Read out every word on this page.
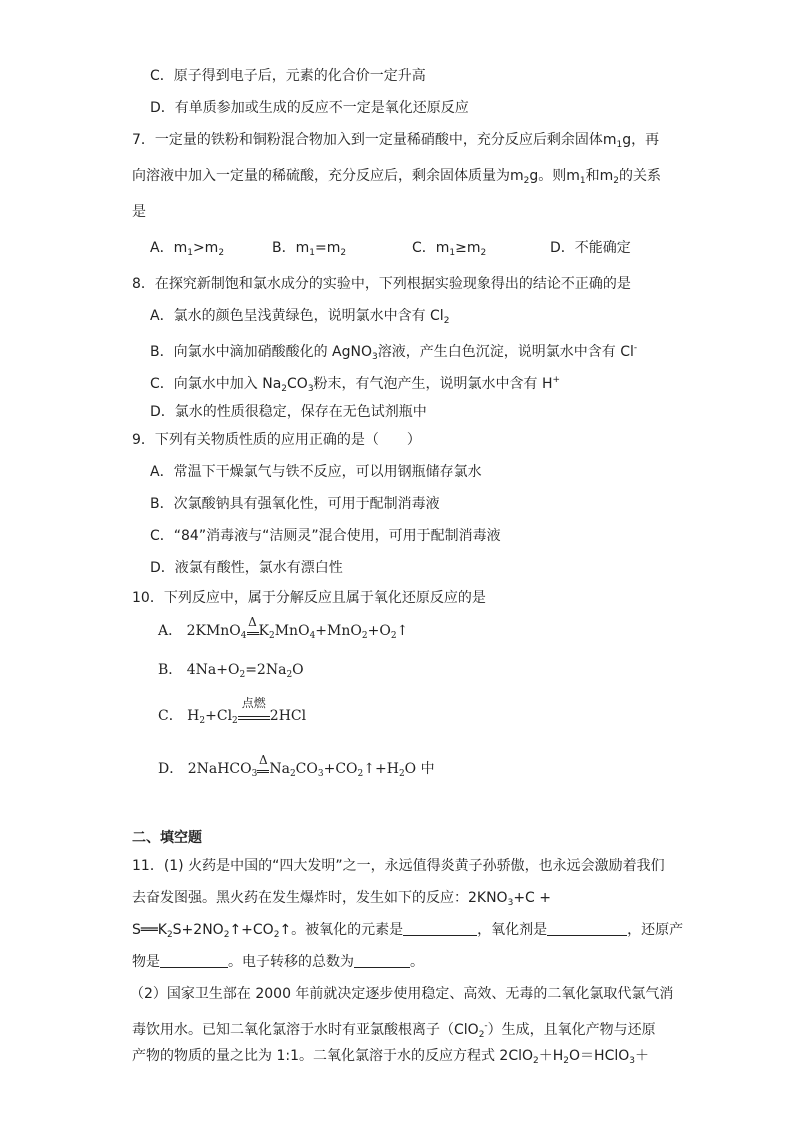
C．原子得到电子后，元素的化合价一定升高
D．有单质参加或生成的反应不一定是氧化还原反应
7．一定量的铁粉和铜粉混合物加入到一定量稀硝酸中，充分反应后剩余固体$m_1g$，再
向溶液中加入一定量的稀硫酸，充分反应后，剩余固体质量为$m_2g$。则$m_1$和$m_2$的关系
是
A．$m_1>m_2$	B．$m_1=m_2$	C．$m_1\ge m_2$	D．不能确定
8．在探究新制饱和氯水成分的实验中，下列根据实验现象得出的结论不正确的是
A．氯水的颜色呈浅黄绿色，说明氯水中含有 $Cl_2$
B．向氯水中滴加硝酸酸化的 AgNO$_3$溶液，产生白色沉淀，说明氯水中含有 Cl-
C．向氯水中加入 $Na_2CO_3$粉末，有气泡产生，说明氯水中含有 H+
D．氯水的性质很稳定，保存在无色试剂瓶中
9．下列有关物质性质的应用正确的是（　　）
A．常温下干燥氯气与铁不反应，可以用钢瓶储存氯水
B．次氯酸钠具有强氧化性，可用于配制消毒液
C．“84”消毒液与“洁厕灵”混合使用，可用于配制消毒液
D．液氯有酸性，氯水有漂白性
10．下列反应中，属于分解反应且属于氧化还原反应的是
A． 2KMnO$_4$
Δ
$K_2MnO_4+MnO_2+O_2↑$
B． $4Na+O_2=2Na_2O$
C． $H_2+Cl_2$
点燃
2HCl
D． 2NaHCO$_3$
Δ
$Na_2CO_3+CO_2↑+H_2O$ 中
二、填空题
11．(1) 火药是中国的“四大发明”之一，永远值得炎黄子孙骄傲，也永远会激励着我们
去奋发图强。黑火药在发生爆炸时，发生如下的反应：$2KNO_3+C$ +
$S══K_2S+2NO_2↑+CO_2↑$。被氧化的元素是	，氧化剂是	，还原产
物是	。电子转移的总数为	。
（2）国家卫生部在 2000 年前就决定逐步使用稳定、高效、无毒的二氧化氯取代氯气消
毒饮用水。已知二氧化氯溶于水时有亚氯酸根离子（ClO$_2$-）生成，且氧化产物与还原
产物的物质的量之比为 1:1。二氧化氯溶于水的反应方程式 $2ClO_2+H_2O=HClO_3+$
